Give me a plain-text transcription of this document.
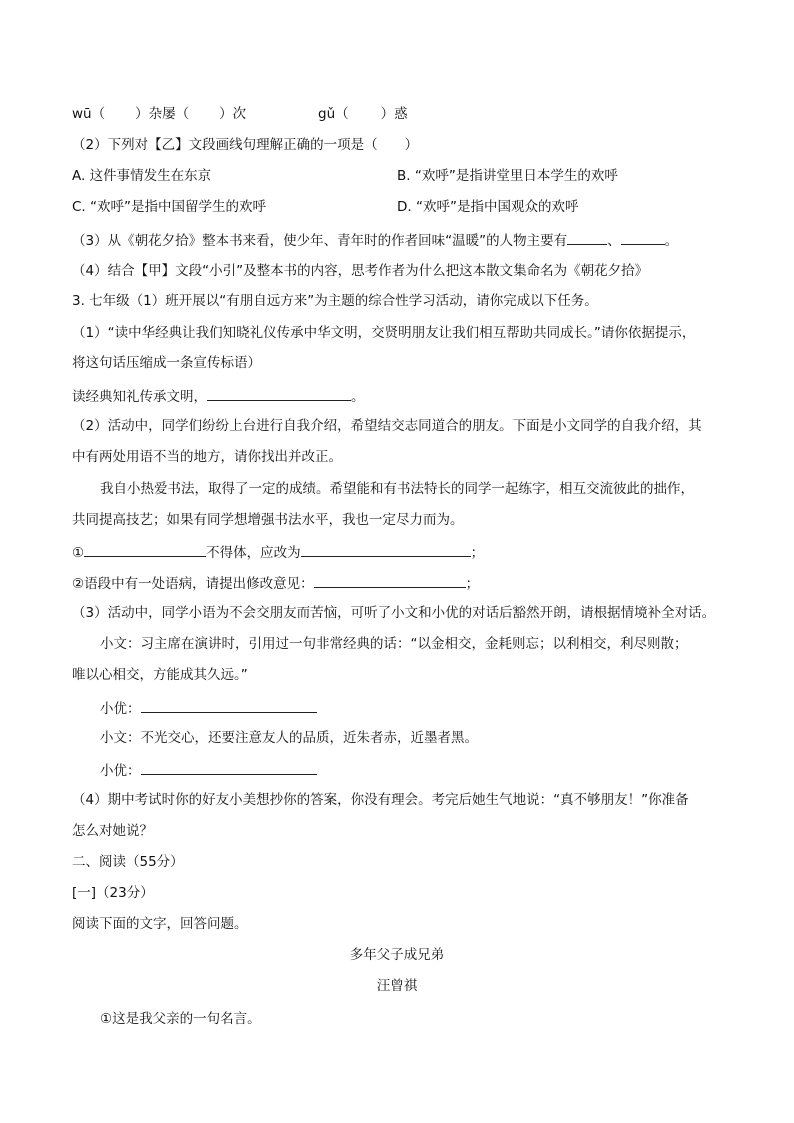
wū（ ）杂屡（ ）次	gǔ（ ）惑
（2）下列对【乙】文段画线句理解正确的一项是（　　）
A. 这件事情发生在东京	B. “欢呼”是指讲堂里日本学生的欢呼
C. “欢呼”是指中国留学生的欢呼	D. “欢呼”是指中国观众的欢呼
（3）从《朝花夕拾》整本书来看，使少年、青年时的作者回味“温暖”的人物主要有	、	。
（4）结合【甲】文段“小引”及整本书的内容，思考作者为什么把这本散文集命名为《朝花夕拾》
3. 七年级（1）班开展以“有朋自远方来”为主题的综合性学习活动，请你完成以下任务。
（1）“读中华经典让我们知晓礼仪传承中华文明，交贤明朋友让我们相互帮助共同成长。”请你依据提示，
将这句话压缩成一条宣传标语）
读经典知礼传承文明，	。
（2）活动中，同学们纷纷上台进行自我介绍，希望结交志同道合的朋友。下面是小文同学的自我介绍，其
中有两处用语不当的地方，请你找出并改正。
我自小热爱书法，取得了一定的成绩。希望能和有书法特长的同学一起练字，相互交流彼此的拙作，
共同提高技艺；如果有同学想增强书法水平，我也一定尽力而为。
①	不得体，应改为	；
②语段中有一处语病，请提出修改意见：	；
（3）活动中，同学小语为不会交朋友而苦恼，可听了小文和小优的对话后豁然开朗，请根据情境补全对话。
小文：习主席在演讲时，引用过一句非常经典的话：“以金相交，金耗则忘；以利相交，利尽则散；
唯以心相交，方能成其久远。”
小优：
小文：不光交心，还要注意友人的品质，近朱者赤，近墨者黑。
小优：
（4）期中考试时你的好友小美想抄你的答案，你没有理会。考完后她生气地说：“真不够朋友！”你准备
怎么对她说？
二、阅读（55分）
[一]（23分）
阅读下面的文字，回答问题。
多年父子成兄弟
汪曾祺
①这是我父亲的一句名言。
